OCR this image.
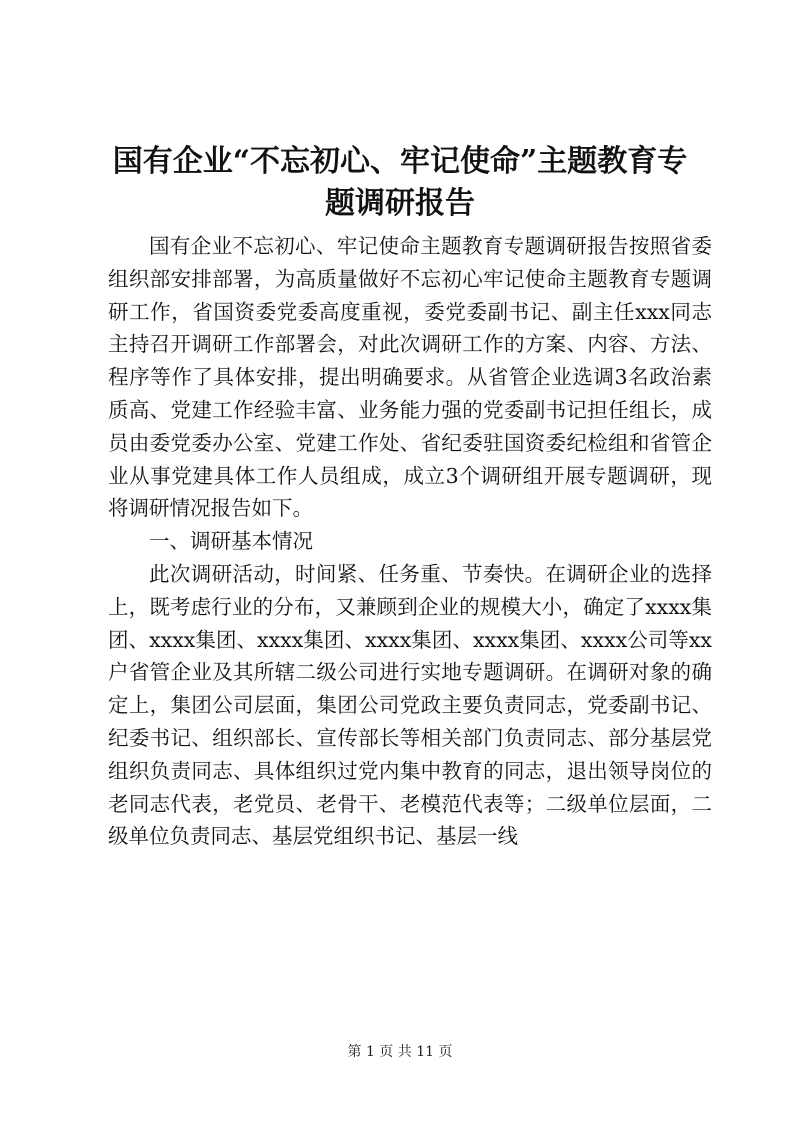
国有企业“不忘初心、牢记使命”主题教育专
题调研报告

国有企业不忘初心、牢记使命主题教育专题调研报告按照省委组织部安排部署，为高质量做好不忘初心牢记使命主题教育专题调研工作，省国资委党委高度重视，委党委副书记、副主任xxx同志主持召开调研工作部署会，对此次调研工作的方案、内容、方法、程序等作了具体安排，提出明确要求。从省管企业选调3名政治素质高、党建工作经验丰富、业务能力强的党委副书记担任组长，成员由委党委办公室、党建工作处、省纪委驻国资委纪检组和省管企业从事党建具体工作人员组成，成立3个调研组开展专题调研，现将调研情况报告如下。

一、调研基本情况

此次调研活动，时间紧、任务重、节奏快。在调研企业的选择上，既考虑行业的分布，又兼顾到企业的规模大小，确定了xxxx集团、xxxx集团、xxxx集团、xxxx集团、xxxx集团、xxxx公司等xx户省管企业及其所辖二级公司进行实地专题调研。在调研对象的确定上，集团公司层面，集团公司党政主要负责同志，党委副书记、纪委书记、组织部长、宣传部长等相关部门负责同志、部分基层党组织负责同志、具体组织过党内集中教育的同志，退出领导岗位的老同志代表，老党员、老骨干、老模范代表等；二级单位层面，二级单位负责同志、基层党组织书记、基层一线

第 1 页 共 11 页
